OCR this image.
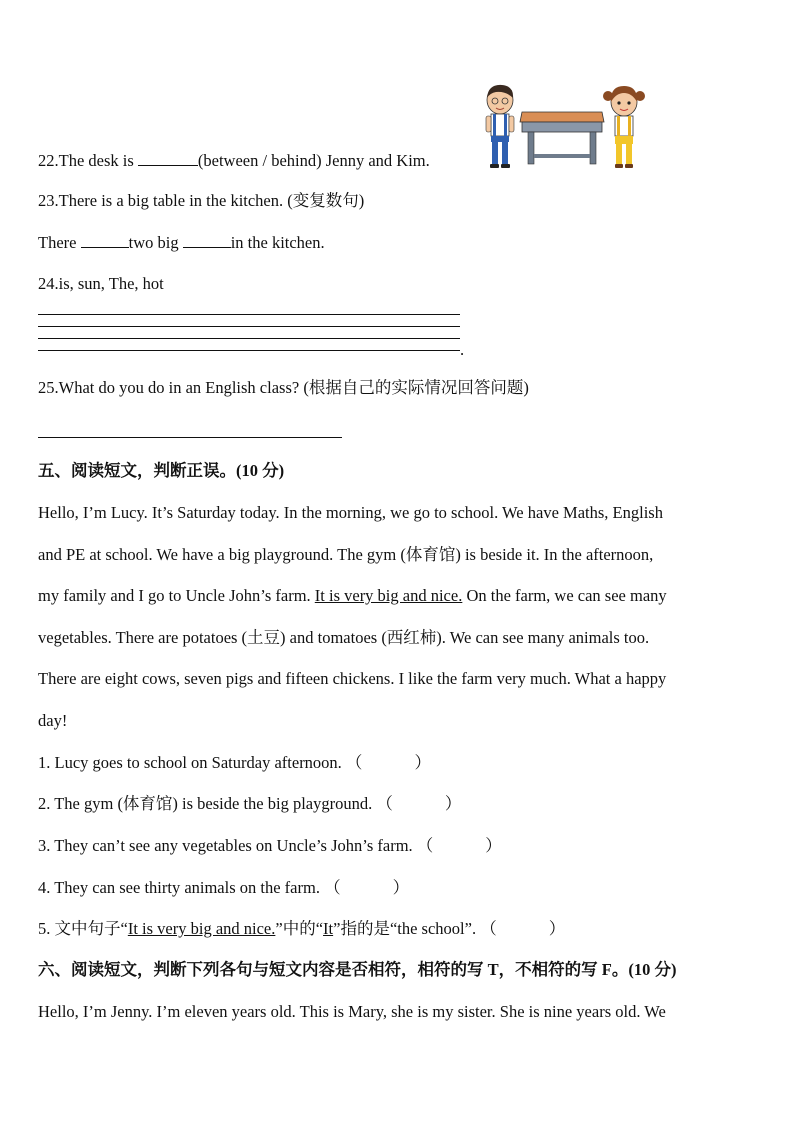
22.The desk is	(between / behind) Jenny and Kim.
23.There is a big table in the kitchen. (变复数句)
There	two big	in the kitchen.
24.is, sun, The, hot
.
25.What do you do in an English class? (根据自己的实际情况回答问题)
五、阅读短文，判断正误。(10 分)
Hello, I’m Lucy. It’s Saturday today. In the morning, we go to school. We have Maths, English
and PE at school. We have a big playground. The gym (体育馆) is beside it. In the afternoon,
my family and I go to Uncle John’s farm. It is very big and nice. On the farm, we can see many
vegetables. There are potatoes (土豆) and tomatoes (西红柿). We can see many animals too.
There are eight cows, seven pigs and fifteen chickens. I like the farm very much. What a happy
day!
1. Lucy goes to school on Saturday afternoon. （	）
2. The gym (体育馆) is beside the big playground. （	）
3. They can’t see any vegetables on Uncle’s John’s farm. （	）
4. They can see thirty animals on the farm. （	）
5. 文中句子“It is very big and nice.”中的“It”指的是“the school”. （	）
六、阅读短文，判断下列各句与短文内容是否相符，相符的写 T，不相符的写 F。(10 分)
Hello, I’m Jenny. I’m eleven years old. This is Mary, she is my sister. She is nine years old. We
